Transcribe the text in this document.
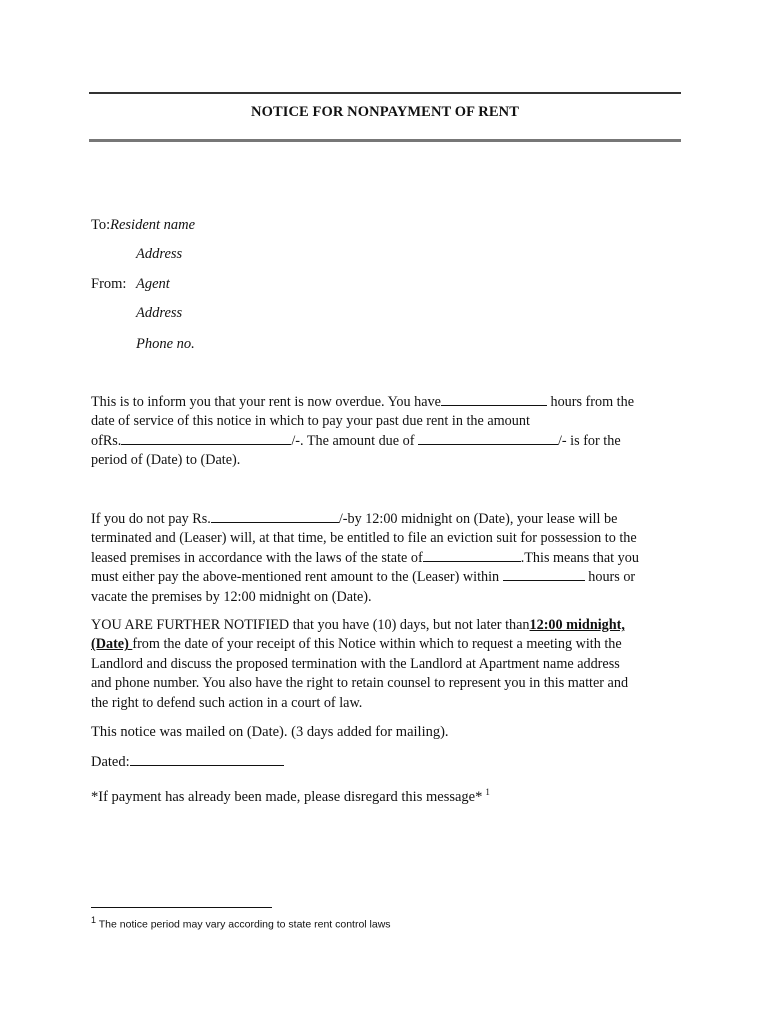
NOTICE FOR NONPAYMENT OF RENT
To:Resident name
Address
From: Agent
Address
Phone no.
This is to inform you that your rent is now overdue. You have	hours from the
date of service of this notice in which to pay your past due rent in the amount
ofRs.	/-. The amount due of	/- is for the
period of (Date) to (Date).
If you do not pay Rs.	/-by 12:00 midnight on (Date), your lease will be
terminated and (Leaser) will, at that time, be entitled to file an eviction suit for possession to the
leased premises in accordance with the laws of the state of	.This means that you
must either pay the above-mentioned rent amount to the (Leaser) within	hours or
vacate the premises by 12:00 midnight on (Date).
YOU ARE FURTHER NOTIFIED that you have (10) days, but not later than12:00 midnight,
(Date) from the date of your receipt of this Notice within which to request a meeting with the
Landlord and discuss the proposed termination with the Landlord at Apartment name address
and phone number. You also have the right to retain counsel to represent you in this matter and
the right to defend such action in a court of law.
This notice was mailed on (Date). (3 days added for mailing).
Dated:
*If payment has already been made, please disregard this message* $^1$
$^1$ The notice period may vary according to state rent control laws
